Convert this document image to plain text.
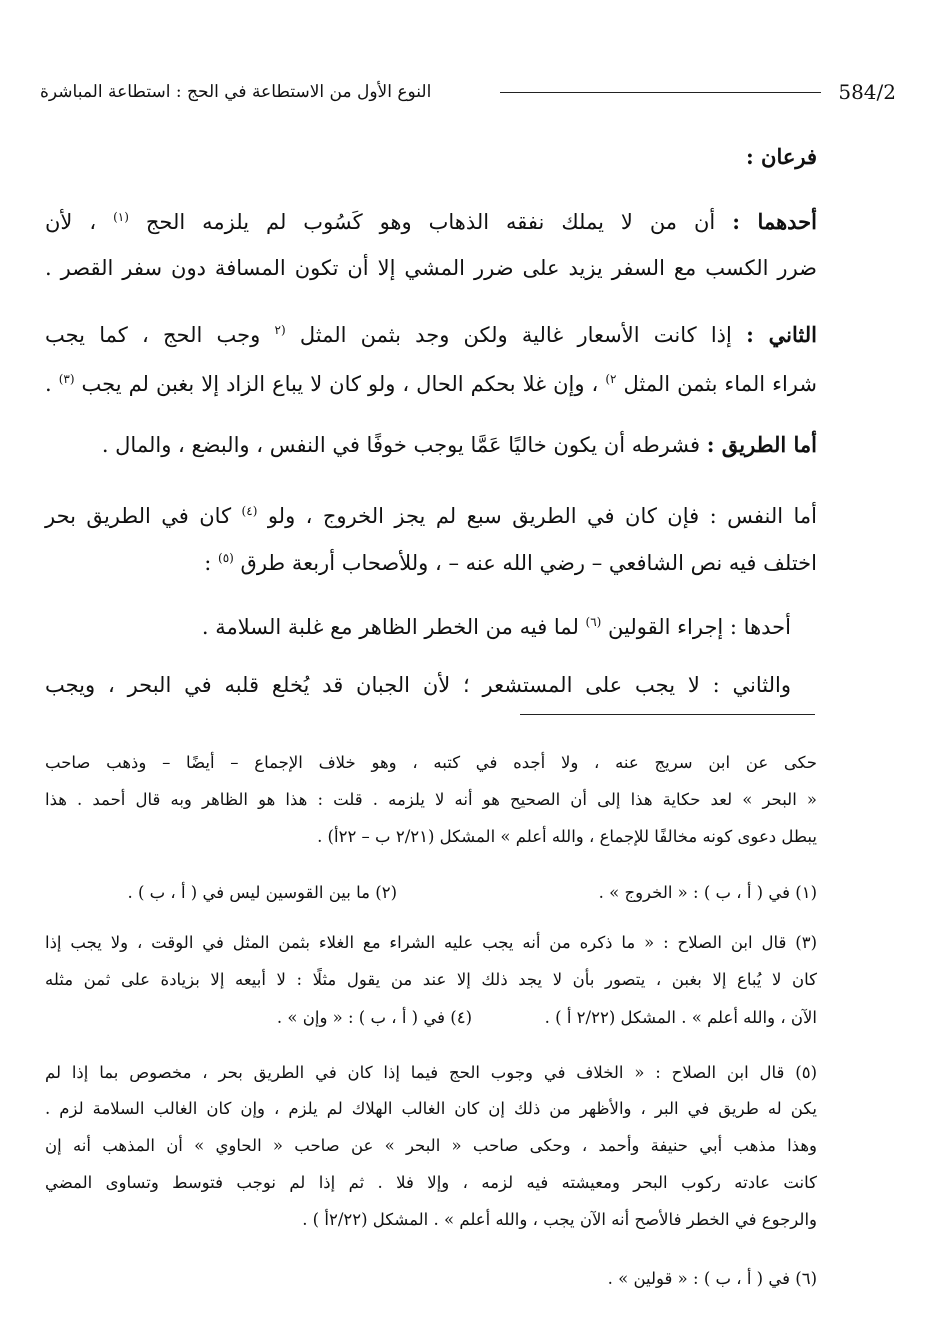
584/2
النوع الأول من الاستطاعة في الحج : استطاعة المباشرة
فرعان :
أحدهما : أن من لا يملك نفقه الذهاب وهو كَسُوب لم يلزمه الحج $^{(١)}$ ، لأن
ضرر الكسب مع السفر يزيد على ضرر المشي إلا أن تكون المسافة دون سفر القصر .
الثاني : إذا كانت الأسعار غالية ولكن وجد بثمن المثل $^{(٢}$ وجب الحج ، كما يجب
شراء الماء بثمن المثل $^{٢)}$ ، وإن غلا بحكم الحال ، ولو كان لا يباع الزاد إلا بغبن لم يجب $^{(٣)}$ .
أما الطريق : فشرطه أن يكون خاليًا عَمَّا يوجب خوفًا في النفس ، والبضع ، والمال .
أما النفس : فإن كان في الطريق سبع لم يجز الخروج ، ولو $^{(٤)}$ كان في الطريق بحر
اختلف فيه نص الشافعي – رضي الله عنه – ، وللأصحاب أربعة طرق $^{(٥)}$ :
أحدها : إجراء القولين $^{(٦)}$ لما فيه من الخطر الظاهر مع غلبة السلامة .
والثاني : لا يجب على المستشعر ؛ لأن الجبان قد يُخلع قلبه في البحر ، ويجب
حكى عن ابن سريج عنه ، ولا أجده في كتبه ، وهو خلاف الإجماع – أيضًا – وذهب صاحب
« البحر » لعد حكاية هذا إلى أن الصحيح هو أنه لا يلزمه . قلت : هذا هو الظاهر وبه قال أحمد . هذا
يبطل دعوى كونه مخالفًا للإجماع ، والله أعلم » المشكل (٢/٢١ ب – ٢٢أ) .
(١) في ( أ ، ب ) : « الخروج » .
(٢) ما بين القوسين ليس في ( أ ، ب ) .
(٣) قال ابن الصلاح : « ما ذكره من أنه يجب عليه الشراء مع الغلاء بثمن المثل في الوقت ، ولا يجب إذا
كان لا يُباع إلا بغبن ، يتصور بأن لا يجد ذلك إلا عند من يقول مثلًا : لا أبيعه إلا بزيادة على ثمن مثله
الآن ، والله أعلم » . المشكل (٢/٢٢ أ ) .
(٤) في ( أ ، ب ) : « وإن » .
(٥) قال ابن الصلاح : « الخلاف في وجوب الحج فيما إذا كان في الطريق بحر ، مخصوص بما إذا لم
يكن له طريق في البر ، والأظهر من ذلك إن كان الغالب الهلاك لم يلزم ، وإن كان الغالب السلامة لزم .
وهذا مذهب أبي حنيفة وأحمد ، وحكى صاحب « البحر » عن صاحب « الحاوي » أن المذهب أنه إن
كانت عادته ركوب البحر ومعيشته فيه لزمه ، وإلا فلا . ثم إذا لم نوجب فتوسط وتساوى المضي
والرجوع في الخطر فالأصح أنه الآن يجب ، والله أعلم » . المشكل (٢/٢٢أ ) .
(٦) في ( أ ، ب ) : « قولين » .
